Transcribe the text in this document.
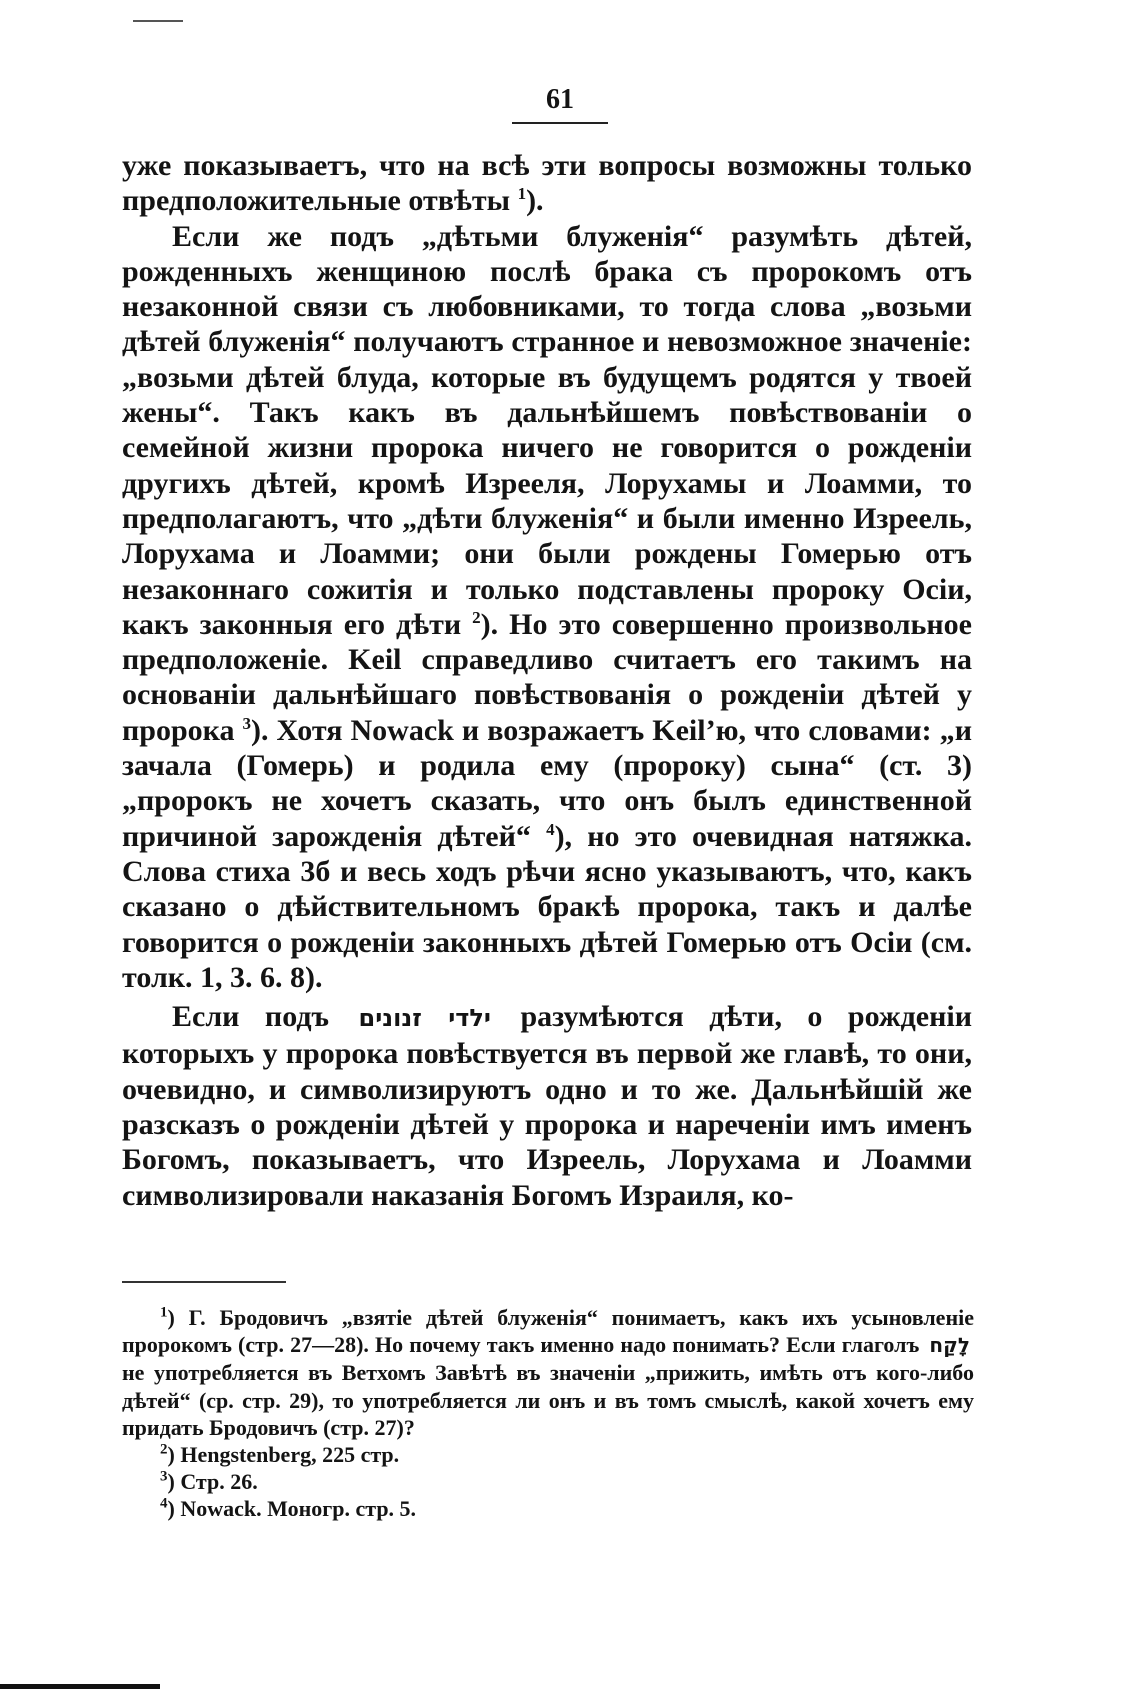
61

уже показываетъ, что на всѣ эти вопросы возможны только предположительные отвѣты $^1$).

Если же подъ „дѣтьми блуженія“ разумѣть дѣтей, рожденныхъ женщиною послѣ брака съ пророкомъ отъ незаконной связи съ любовниками, то тогда слова „возьми дѣтей блуженія“ получаютъ странное и невозможное значеніе: „возьми дѣтей блуда, которые въ будущемъ родятся у твоей жены“. Такъ какъ въ дальнѣйшемъ повѣствованіи о семейной жизни пророка ничего не говорится о рожденіи другихъ дѣтей, кромѣ Изрееля, Лорухамы и Лоамми, то предполагаютъ, что „дѣти блуженія“ и были именно Изреель, Лорухама и Лоамми; они были рождены Гомерью отъ незаконнаго сожитія и только подставлены пророку Осіи, какъ законныя его дѣти $^2$). Но это совершенно произвольное предположеніе. Keil справедливо считаетъ его такимъ на основаніи дальнѣйшаго повѣствованія о рожденіи дѣтей у пророка $^3$). Хотя Nowack и возражаетъ Keil’ю, что словами: „и зачала (Гомерь) и родила ему (пророку) сына“ (ст. 3) „пророкъ не хочетъ сказать, что онъ былъ единственной причиной зарожденія дѣтей“ $^4$), но это очевидная натяжка. Слова стиха 3б и весь ходъ рѣчи ясно указываютъ, что, какъ сказано о дѣйствительномъ бракѣ пророка, такъ и далѣе говорится о рожденіи законныхъ дѣтей Гомерью отъ Осіи (см. толк. 1, 3. 6. 8).

Если подъ ילדי זנונים разумѣются дѣти, о рожденіи которыхъ у пророка повѣствуется въ первой же главѣ, то они, очевидно, и символизируютъ одно и то же. Дальнѣйшій же разсказъ о рожденіи дѣтей у пророка и нареченіи имъ именъ Богомъ, показываетъ, что Изреель, Лорухама и Лоамми символизировали наказанія Богомъ Израиля, ко-

$^1$) Г. Бродовичъ „взятіе дѣтей блуженія“ понимаетъ, какъ ихъ усыновленіе пророкомъ (стр. 27—28). Но почему такъ именно надо понимать? Если глаголъ לָקַח не употребляется въ Ветхомъ Завѣтѣ въ значеніи „прижить, имѣть отъ кого-либо дѣтей“ (ср. стр. 29), то употребляется ли онъ и въ томъ смыслѣ, какой хочетъ ему придать Бродовичъ (стр. 27)?

$^2$) Hengstenberg, 225 стр.

$^3$) Стр. 26.

$^4$) Nowack. Моногр. стр. 5.
